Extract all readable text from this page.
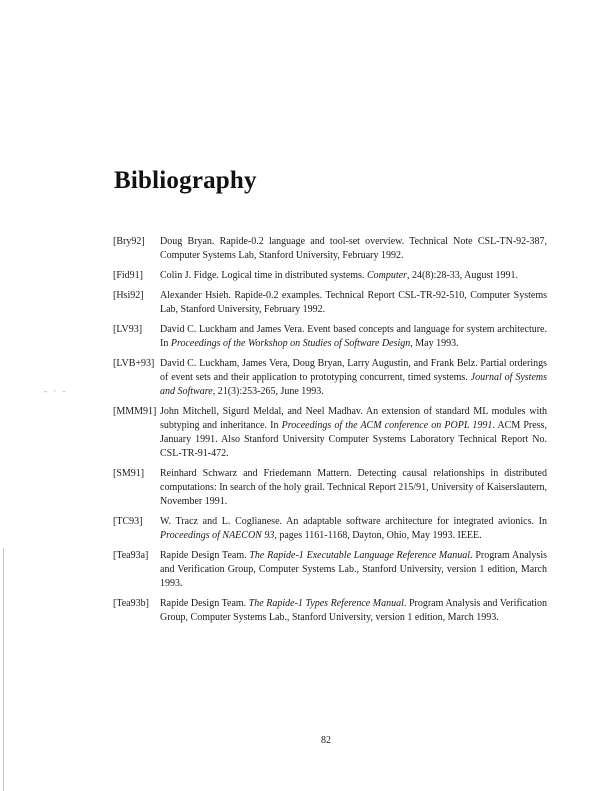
- · -
Bibliography
[Bry92] Doug Bryan. Rapide-0.2 language and tool-set overview. Technical Note CSL-TN-92-387, Computer Systems Lab, Stanford University, February 1992.
[Fid91] Colin J. Fidge. Logical time in distributed systems. Computer, 24(8):28-33, August 1991.
[Hsi92] Alexander Hsieh. Rapide-0.2 examples. Technical Report CSL-TR-92-510, Computer Systems Lab, Stanford University, February 1992.
[LV93] David C. Luckham and James Vera. Event based concepts and language for system architecture. In Proceedings of the Workshop on Studies of Software Design, May 1993.
[LVB+93] David C. Luckham, James Vera, Doug Bryan, Larry Augustin, and Frank Belz. Partial orderings of event sets and their application to prototyping concurrent, timed systems. Journal of Systems and Software, 21(3):253-265, June 1993.
[MMM91] John Mitchell, Sigurd Meldal, and Neel Madhav. An extension of standard ML modules with subtyping and inheritance. In Proceedings of the ACM conference on POPL 1991. ACM Press, January 1991. Also Stanford University Computer Systems Laboratory Technical Report No. CSL-TR-91-472.
[SM91] Reinhard Schwarz and Friedemann Mattern. Detecting causal relationships in distributed computations: In search of the holy grail. Technical Report 215/91, University of Kaiserslautern, November 1991.
[TC93] W. Tracz and L. Coglianese. An adaptable software architecture for integrated avionics. In Proceedings of NAECON 93, pages 1161-1168, Dayton, Ohio, May 1993. IEEE.
[Tea93a] Rapide Design Team. The Rapide-1 Executable Language Reference Manual. Program Analysis and Verification Group, Computer Systems Lab., Stanford University, version 1 edition, March 1993.
[Tea93b] Rapide Design Team. The Rapide-1 Types Reference Manual. Program Analysis and Verification Group, Computer Systems Lab., Stanford University, version 1 edition, March 1993.
82
